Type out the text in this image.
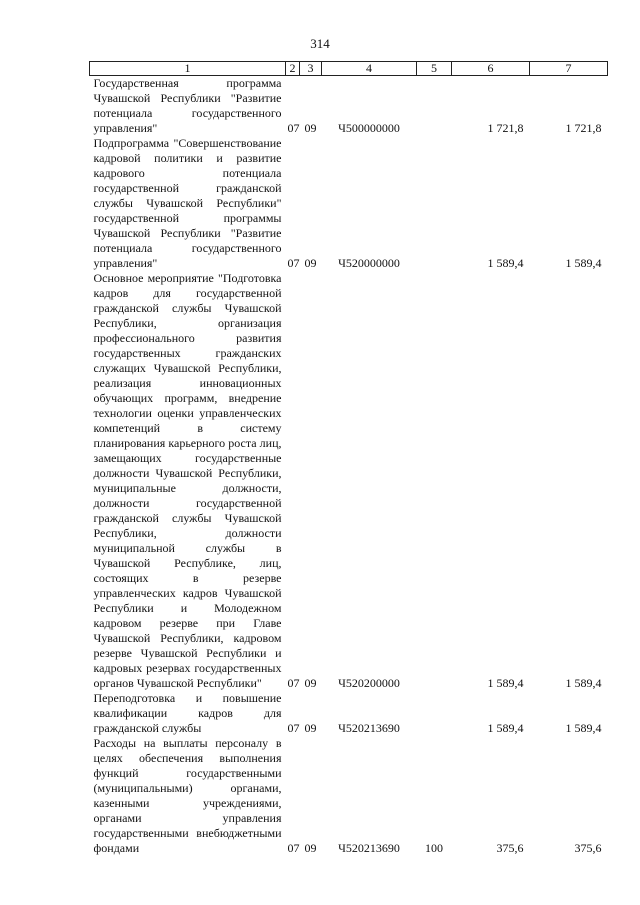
314
1	2	3	4	5	6	7
Государственная программа Чувашской Республики "Развитие потенциала государственного управления"	07	09	Ч500000000		1 721,8	1 721,8
Подпрограмма "Совершенствование кадровой политики и развитие кадрового потенциала государственной гражданской службы Чувашской Республики" государственной программы Чувашской Республики "Развитие потенциала государственного управления"	07	09	Ч520000000		1 589,4	1 589,4
Основное мероприятие "Подготовка кадров для государственной гражданской службы Чувашской Республики, организация профессионального развития государственных гражданских служащих Чувашской Республики, реализация инновационных обучающих программ, внедрение технологии оценки управленческих компетенций в систему планирования карьерного роста лиц, замещающих государственные должности Чувашской Республики, муниципальные должности, должности государственной гражданской службы Чувашской Республики, должности муниципальной службы в Чувашской Республике, лиц, состоящих в резерве управленческих кадров Чувашской Республики и Молодежном кадровом резерве при Главе Чувашской Республики, кадровом резерве Чувашской Республики и кадровых резервах государственных органов Чувашской Республики"	07	09	Ч520200000		1 589,4	1 589,4
Переподготовка и повышение квалификации кадров для гражданской службы	07	09	Ч520213690		1 589,4	1 589,4
Расходы на выплаты персоналу в целях обеспечения выполнения функций государственными (муниципальными) органами, казенными учреждениями, органами управления государственными внебюджетными фондами	07	09	Ч520213690	100	375,6	375,6
